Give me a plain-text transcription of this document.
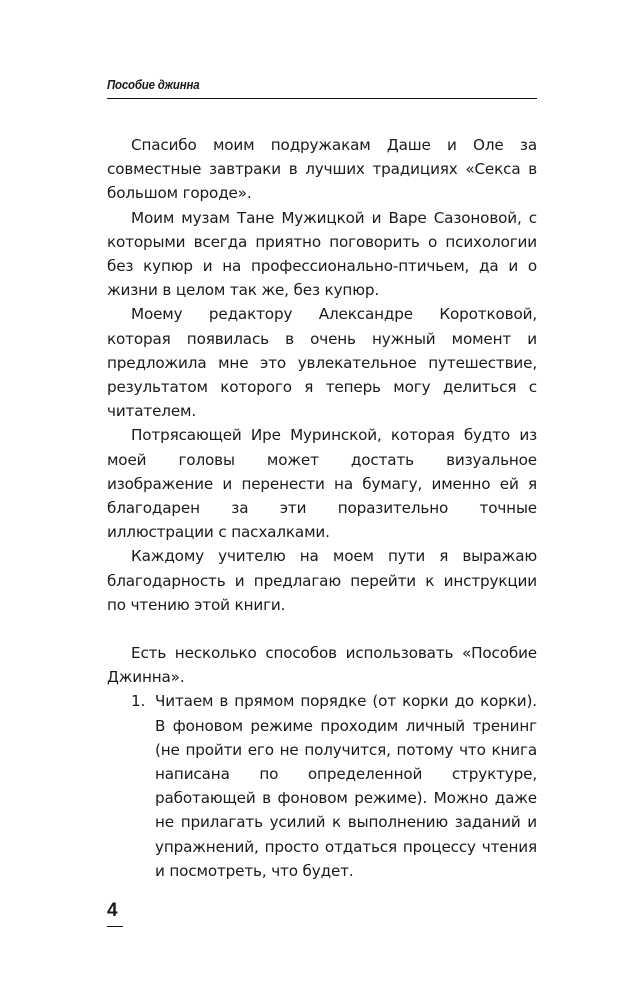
Пособие джинна

Спасибо моим подружакам Даше и Оле за совместные завтраки в лучших традициях «Секса в большом городе».

Моим музам Тане Мужицкой и Варе Сазоновой, с которыми всегда приятно поговорить о психологии без купюр и на профессионально-птичьем, да и о жизни в целом так же, без купюр.

Моему редактору Александре Коротковой, которая появилась в очень нужный момент и предложила мне это увлекательное путешествие, результатом которого я теперь могу делиться с читателем.

Потрясающей Ире Муринской, которая будто из моей головы может достать визуальное изображение и перенести на бумагу, именно ей я благодарен за эти поразительно точные иллюстрации с пасхалками.

Каждому учителю на моем пути я выражаю благодарность и предлагаю перейти к инструкции по чтению этой книги.

Есть несколько способов использовать «Пособие Джинна».

1. Читаем в прямом порядке (от корки до корки). В фоновом режиме проходим личный тренинг (не пройти его не получится, потому что книга написана по определенной структуре, работающей в фоновом режиме). Можно даже не прилагать усилий к выполнению заданий и упражнений, просто отдаться процессу чтения и посмотреть, что будет.
4
